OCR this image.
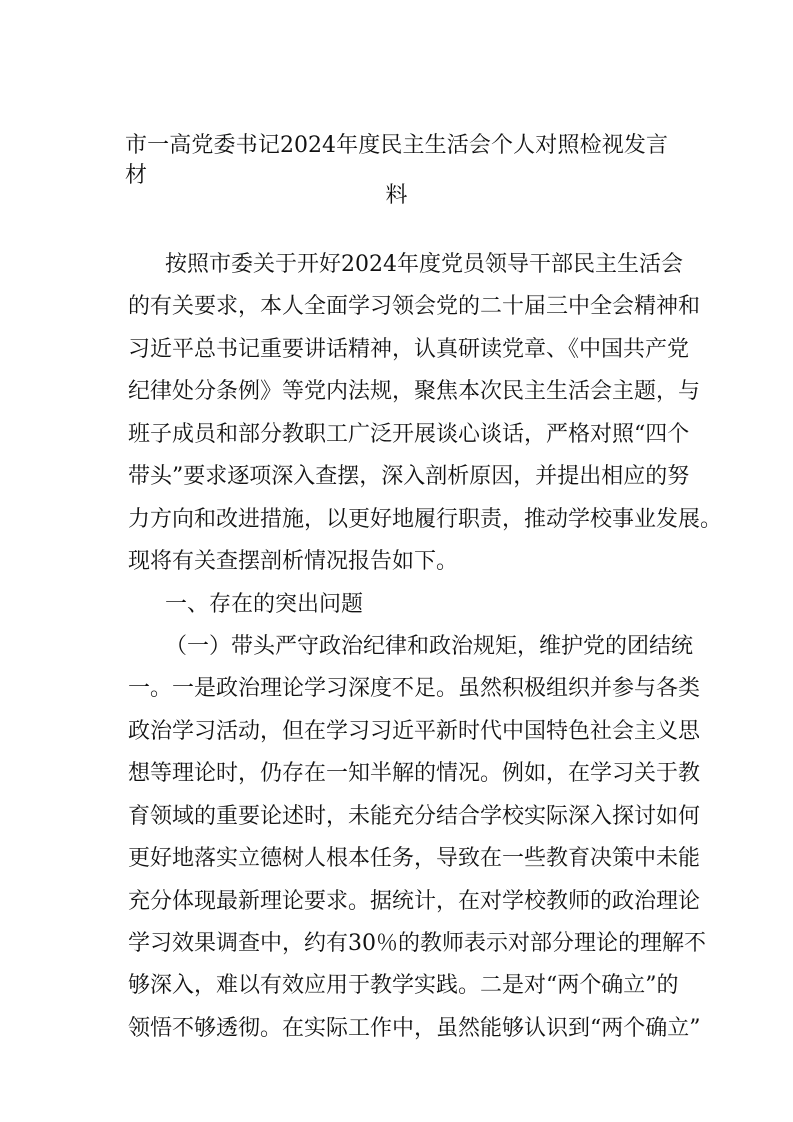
市一高党委书记2024年度民主生活会个人对照检视发言材
料
按照市委关于开好2024年度党员领导干部民主生活会
的有关要求，本人全面学习领会党的二十届三中全会精神和
习近平总书记重要讲话精神，认真研读党章、《中国共产党
纪律处分条例》等党内法规，聚焦本次民主生活会主题，与
班子成员和部分教职工广泛开展谈心谈话，严格对照“四个
带头”要求逐项深入查摆，深入剖析原因，并提出相应的努
力方向和改进措施，以更好地履行职责，推动学校事业发展。
现将有关查摆剖析情况报告如下。
一、存在的突出问题
（一）带头严守政治纪律和政治规矩，维护党的团结统
一。一是政治理论学习深度不足。虽然积极组织并参与各类
政治学习活动，但在学习习近平新时代中国特色社会主义思
想等理论时，仍存在一知半解的情况。例如，在学习关于教
育领域的重要论述时，未能充分结合学校实际深入探讨如何
更好地落实立德树人根本任务，导致在一些教育决策中未能
充分体现最新理论要求。据统计，在对学校教师的政治理论
学习效果调查中，约有30％的教师表示对部分理论的理解不
够深入，难以有效应用于教学实践。二是对“两个确立”的
领悟不够透彻。在实际工作中，虽然能够认识到“两个确立”
